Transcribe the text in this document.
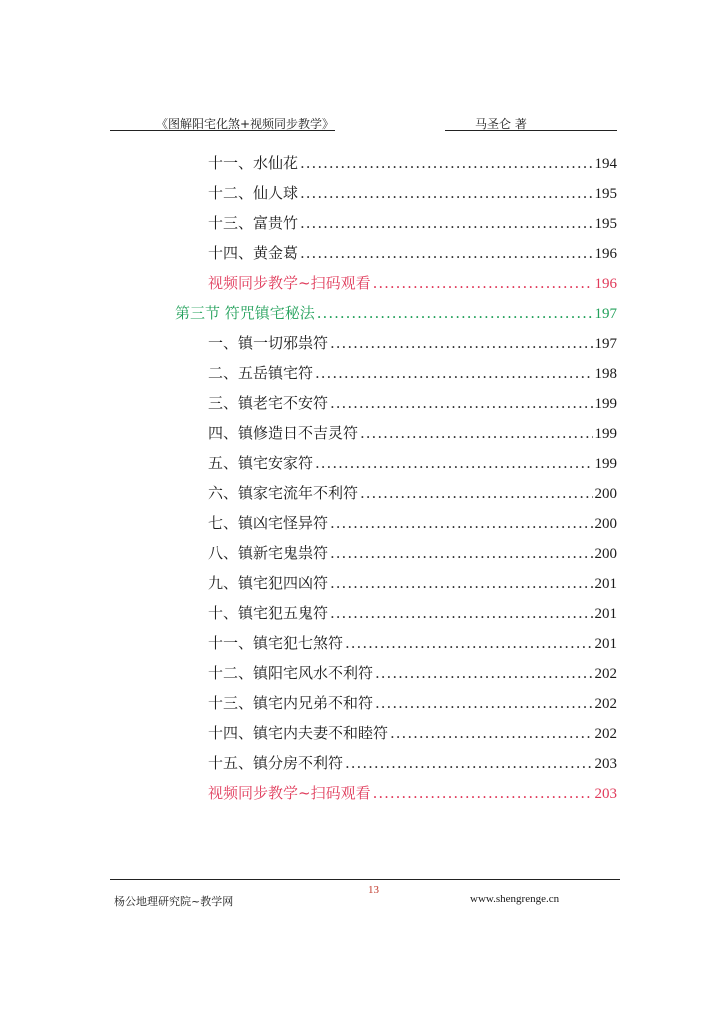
《图解阳宅化煞+视频同步教学》	马圣仑 著
十一、水仙花 .....	194
十二、仙人球 .....	195
十三、富贵竹 .....	195
十四、黄金葛 .....	196
视频同步教学~扫码观看 .....	196
第三节 符咒镇宅秘法 .....	197
一、镇一切邪祟符 .....	197
二、五岳镇宅符 .....	198
三、镇老宅不安符 .....	199
四、镇修造日不吉灵符 .....	199
五、镇宅安家符 .....	199
六、镇家宅流年不利符 .....	200
七、镇凶宅怪异符 .....	200
八、镇新宅鬼祟符 .....	200
九、镇宅犯四凶符 .....	201
十、镇宅犯五鬼符 .....	201
十一、镇宅犯七煞符 .....	201
十二、镇阳宅风水不利符 .....	202
十三、镇宅内兄弟不和符 .....	202
十四、镇宅内夫妻不和睦符 .....	202
十五、镇分房不利符 .....	203
视频同步教学~扫码观看 .....	203
13
杨公地理研究院~教学网	www.shengrenge.cn
